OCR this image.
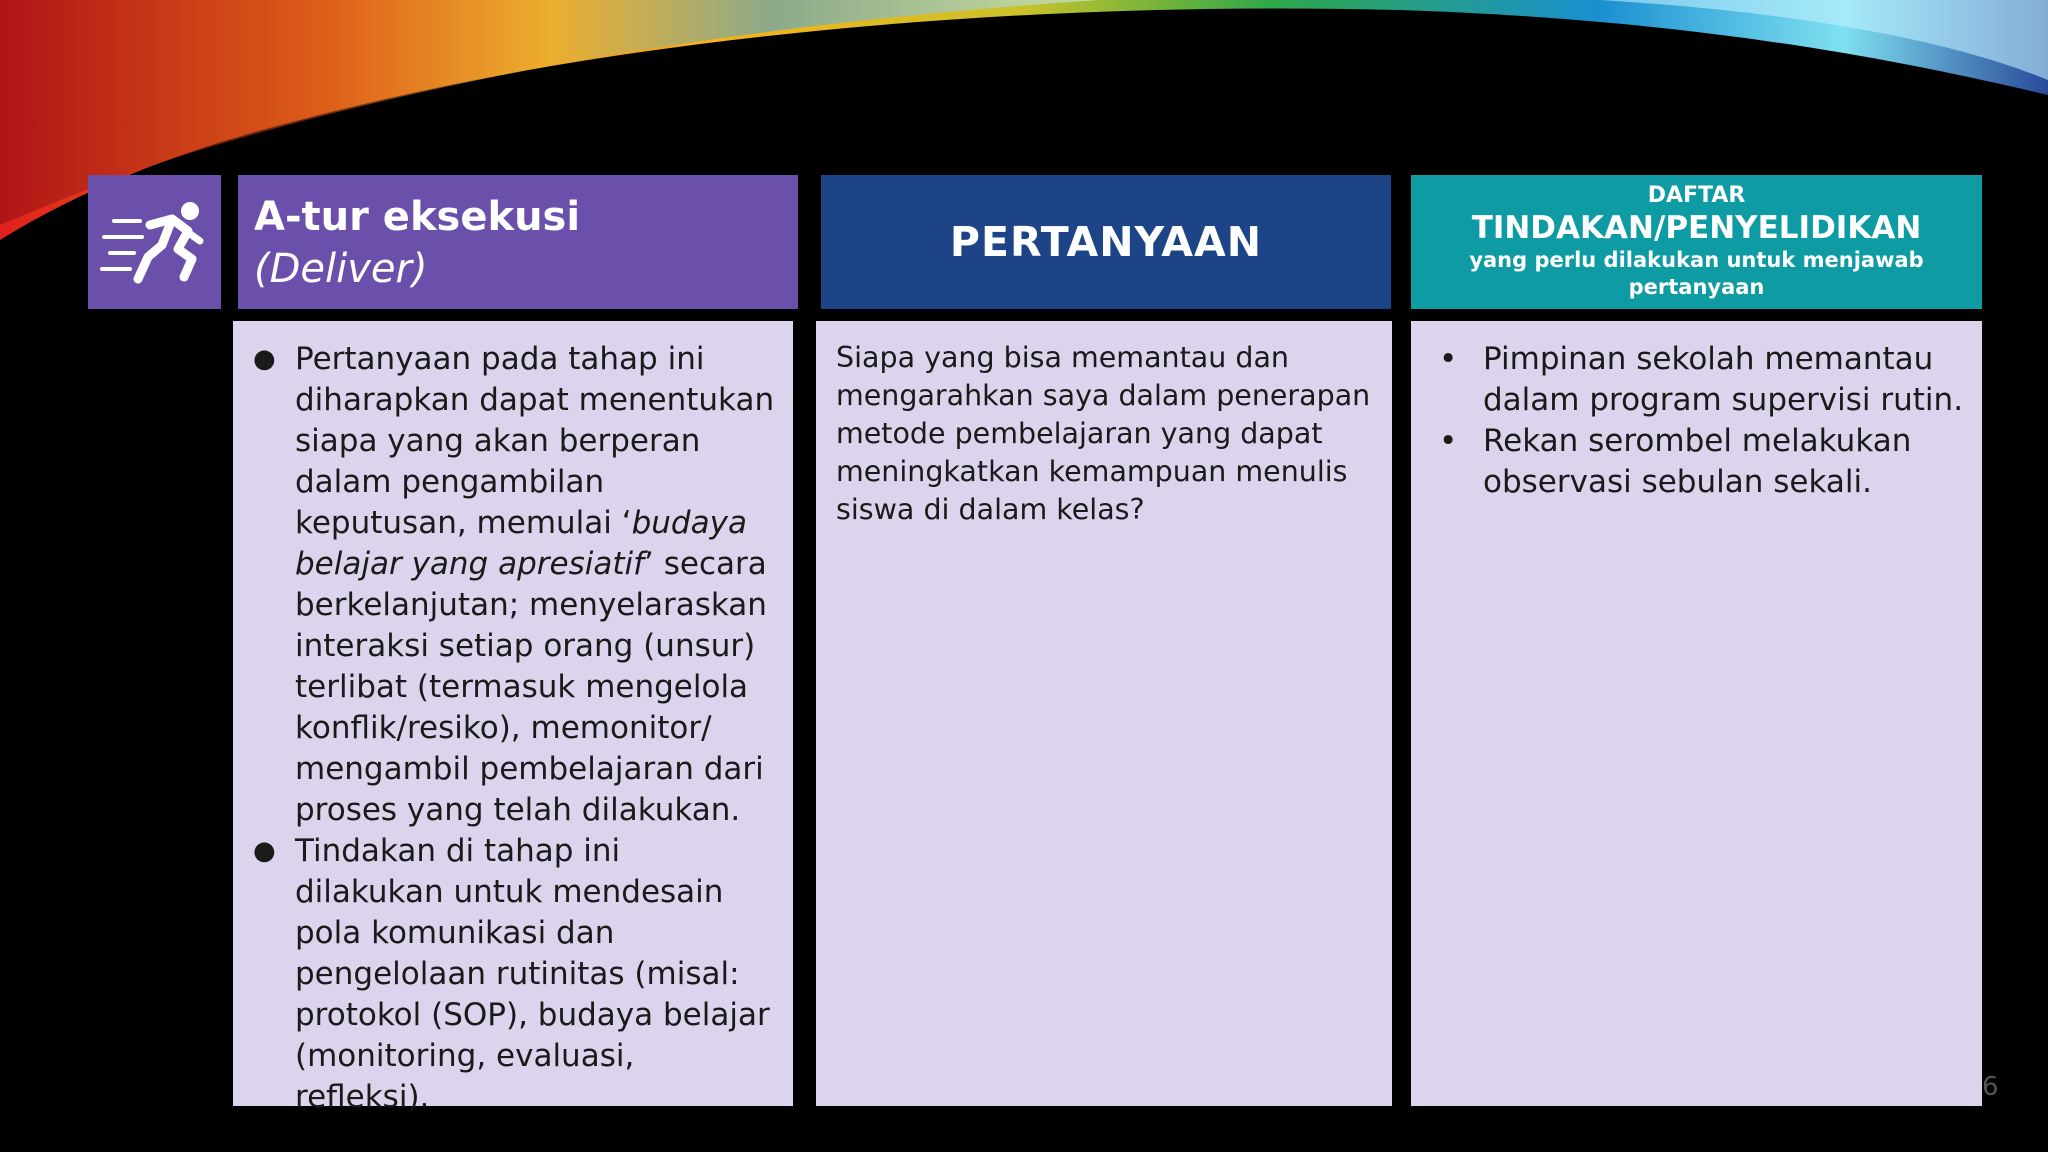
A-tur eksekusi
(Deliver)
PERTANYAAN
DAFTAR
TINDAKAN/PENYELIDIKAN
yang perlu dilakukan untuk menjawab pertanyaan
● Pertanyaan pada tahap ini diharapkan dapat menentukan siapa yang akan berperan dalam pengambilan keputusan, memulai ‘budaya belajar yang apresiatif’ secara berkelanjutan; menyelaraskan interaksi setiap orang (unsur) terlibat (termasuk mengelola konflik/resiko), memonitor/ mengambil pembelajaran dari proses yang telah dilakukan.
● Tindakan di tahap ini dilakukan untuk mendesain pola komunikasi dan pengelolaan rutinitas (misal: protokol (SOP), budaya belajar (monitoring, evaluasi, refleksi).

Siapa yang bisa memantau dan mengarahkan saya dalam penerapan metode pembelajaran yang dapat meningkatkan kemampuan menulis siswa di dalam kelas?

• Pimpinan sekolah memantau dalam program supervisi rutin.
• Rekan serombel melakukan observasi sebulan sekali.
6
